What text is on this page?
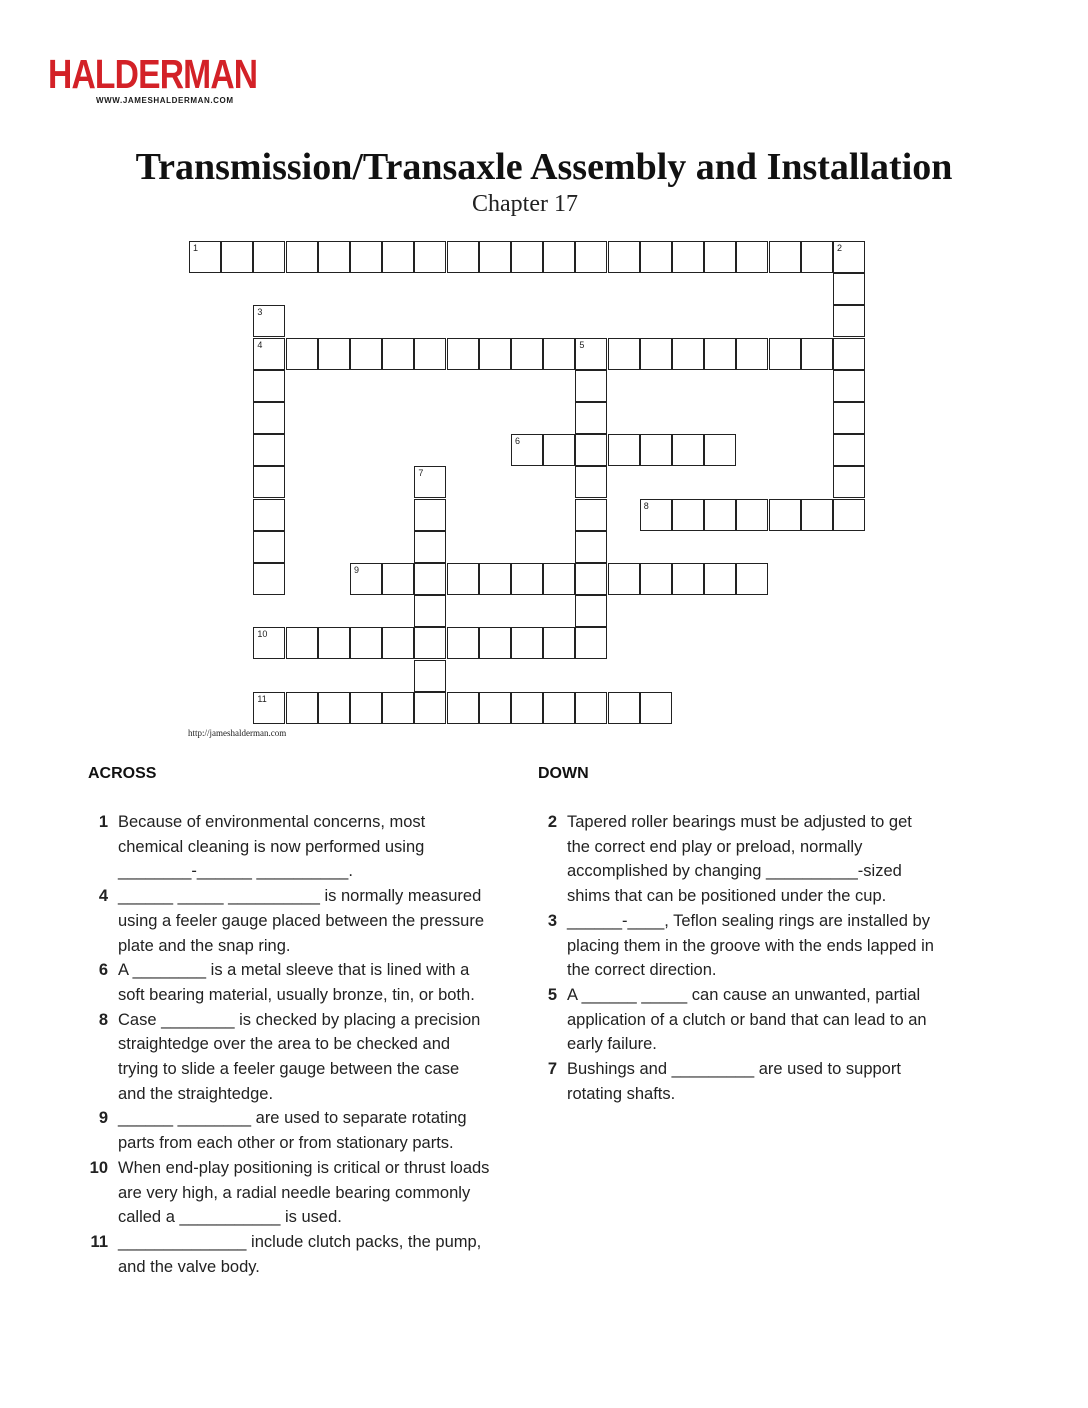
HALDERMAN
WWW.JAMESHALDERMAN.COM
Transmission/Transaxle Assembly and Installation
Chapter 17
1	2
3
4	5
6
7
8
9
10
11
http://jameshalderman.com
ACROSS	DOWN
1 Because of environmental concerns, most chemical cleaning is now performed using ________-______ __________.
4 ______ _____ __________ is normally measured using a feeler gauge placed between the pressure plate and the snap ring.
6 A ________ is a metal sleeve that is lined with a soft bearing material, usually bronze, tin, or both.
8 Case ________ is checked by placing a precision straightedge over the area to be checked and trying to slide a feeler gauge between the case and the straightedge.
9 ______ ________ are used to separate rotating parts from each other or from stationary parts.
10 When end-play positioning is critical or thrust loads are very high, a radial needle bearing commonly called a ___________ is used.
11 ______________ include clutch packs, the pump, and the valve body.
2 Tapered roller bearings must be adjusted to get the correct end play or preload, normally accomplished by changing __________-sized shims that can be positioned under the cup.
3 ______-____, Teflon sealing rings are installed by placing them in the groove with the ends lapped in the correct direction.
5 A ______ _____ can cause an unwanted, partial application of a clutch or band that can lead to an early failure.
7 Bushings and _________ are used to support rotating shafts.
